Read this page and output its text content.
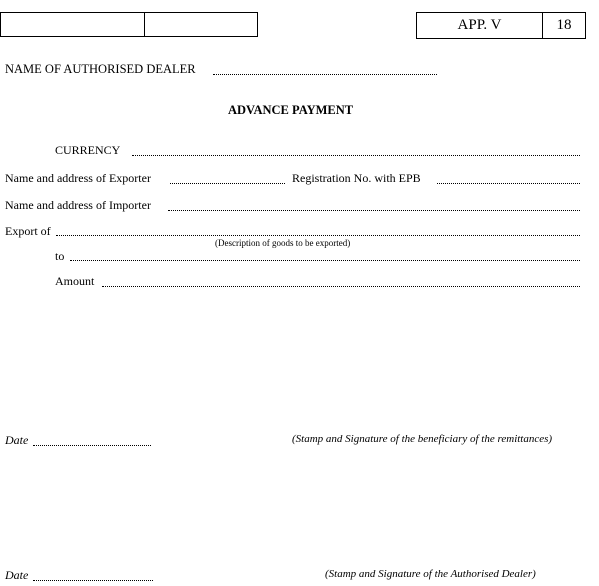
APP. V	18
NAME OF AUTHORISED DEALER
ADVANCE PAYMENT
CURRENCY
Name and address of Exporter	Registration No. with EPB
Name and address of Importer
Export of
(Description of goods to be exported)
to
Amount
Date	(Stamp and Signature of the beneficiary of the remittances)
Date	(Stamp and Signature of the Authorised Dealer)
